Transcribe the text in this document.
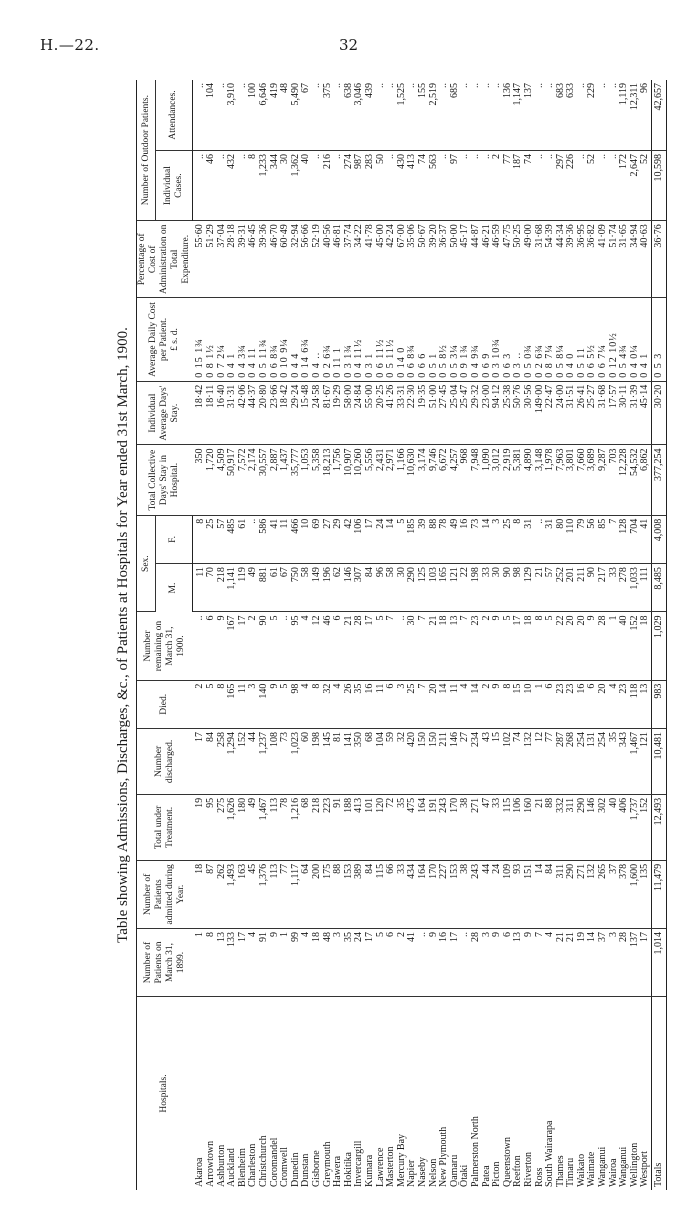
H.—22.	32
Table showing Admissions, Discharges, &c., of Patients at Hospitals for Year ended 31st March, 1900.
Hospitals.	Number of Patients on March 31, 1899.	Number of Patients admitted during Year.	Total under Treatment.	Number discharged.	Died.	Number remaining on March 31, 1900.	Sex.		Total Collective Days' Stay in Hospital.	Individual Average Days' Stay.	Average Daily Cost per Patient.
£ s. d.	Percentage of Cost of Administration on Total Expenditure.	Number of Outdoor Patients.	
							M.	F.					Individual Cases.	Attendances.
Akaroa	1	18	19	17	2	..	11	8	350	18·42	0 15 1¾	55·60	..	..
Arrowtown	8	87	95	84	5	6	70	25	1,720	18·11	0 8 1½	51·29	46	104
Ashburton	13	262	275	258	8	9	218	57	4,509	16·40	0 7 2¼	37·04	..	..
Auckland	133	1,493	1,626	1,294	165	167	1,141	485	50,917	31·31	0 4 1	28·18	432	3,910
Blenheim	17	163	180	152	11	17	119	61	7,572	42·06	0 4 3¾	39·31	..	..
Charleston	4	45	49	44	3	2	49	..	2,174	44·37	0 4 11	46·45	8	100
Christchurch	91	1,376	1,467	1,237	140	90	881	586	30,557	20·80	0 5 11¾	39·36	1,233	6,646
Coromandel	9	113	113	108	9	5	61	41	2,887	23·66	0 6 8¾	46·70	344	419
Cromwell	1	77	78	73	5	..	67	11	1,437	18·42	0 10 9¼	60·49	30	48
Dunedin	99	1,117	1,216	1,023	98	95	750	466	35,777	29·24	0 4 4	32·94	1,362	5,490
Dunstan	4	64	68	60	4	4	58	10	1,053	15·48	0 14 6¾	56·66	40	67
Gisborne	18	200	218	198	8	12	149	69	5,358	24·58	0 4 ..	52·19	..	..
Greymouth	48	175	223	145	32	46	196	27	18,213	81·67	0 2 6¾	40·56	216	375
Hawera	3	88	91	81	4	6	62	29	1,756	19·29	0 11 1	46·81	..	..
Hokitika	35	153	188	141	26	21	146	42	10,907	58·00	0 3 1¾	37·74	274	638
Invercargill	24	389	413	350	35	28	307	106	10,260	24·84	0 4 11½	34·22	987	3,046
Kumara	17	84	101	68	16	17	84	17	5,556	55·00	0 3 1	41·78	283	439
Lawrence	5	115	120	104	11	5	96	24	2,431	20·25	0 6 11½	45·00	50	..
Masterton	6	66	72	59	6	7	58	14	2,971	41·26	0 5 11½	42·24	..	..
Mercury Bay	2	33	35	32	3	..	30	5	1,166	33·31	0 14 0	67·00	430	1,525
Napier	41	434	475	420	25	30	290	185	10,630	22·30	0 6 8¾	35·06	413	..
Naseby	..	164	164	150	7	7	125	39	3,174	19·35	0 6 6	50·67	74	155
Nelson	9	170	191	150	20	21	103	88	9,746	51·00	0 5 1	39·20	563	2,519
New Plymouth	16	227	243	211	14	18	165	78	6,672	27·45	0 5 8½	36·37	..	..
Oamaru	17	153	170	146	11	13	121	49	4,257	25·04	0 5 3¼	50·00	97	685
Ōtaki	..	38	38	27	4	7	22	16	968	25·47	0 9 1¾	45·17	..	..
Palmerston North	28	243	271	234	14	23	198	73	7,948	29·32	0 4 9¾	44·87	..	..
Patea	3	44	47	43	2	2	33	14	1,090	23·00	0 6 9	46·21	..	..
Picton	9	24	33	15	9	9	30	3	3,012	94·12	0 3 10¾	46·59	2	..
Queenstown	6	109	115	102	8	5	90	25	2,919	25·38	0 6 3	47·75	77	136
Reefton	13	93	106	74	15	17	98	8	5,381	50·76	0 3 ..	50·25	187	1,147
Riverton	9	151	160	132	10	18	129	31	4,890	30·56	0 5 0¾	49·00	74	137
Ross	7	14	21	12	1	8	21	..	3,148	149·00	0 2 6¾	31·68	..	..
South Wairarapa	4	84	88	77	6	5	57	31	1,978	22·47	0 8 7¼	54·39	..	..
Thames	21	311	332	287	23	22	252	80	7,963	24·00	0 5 8¼	44·34	297	683
Timaru	21	290	311	268	23	20	201	110	3,801	31·51	0 4 0	39·36	226	633
Waikato	19	271	290	254	16	20	211	79	7,660	26·41	0 5 11	36·95	..	..
Waimate	14	132	146	131	6	9	90	56	3,689	25·27	0 6 5½	36·82	52	229
Wanganui	37	265	302	254	20	28	217	85	9,287	31·68	0 6 7¼	41·09	..	..
Wairoa	3	37	40	35	4	1	33	7	703	17·57	0 12 10½	51·74	..	..
Wanganui	28	378	406	343	23	40	278	128	12,228	30·11	0 5 4¾	31·65	172	1,119
Wellington	137	1,600	1,737	1,467	118	152	1,033	704	54,532	31·39	0 4 0¼	34·94	2,647	12,311
Westport	17	135	152	121	13	18	111	41	6,862	45·14	0 4 1	40·63	52	96
Totals	1,014	11,479	12,493	10,481	983	1,029	8,485	4,008	377,254	30·20	0 5 3	36·76	10,598	42,657
